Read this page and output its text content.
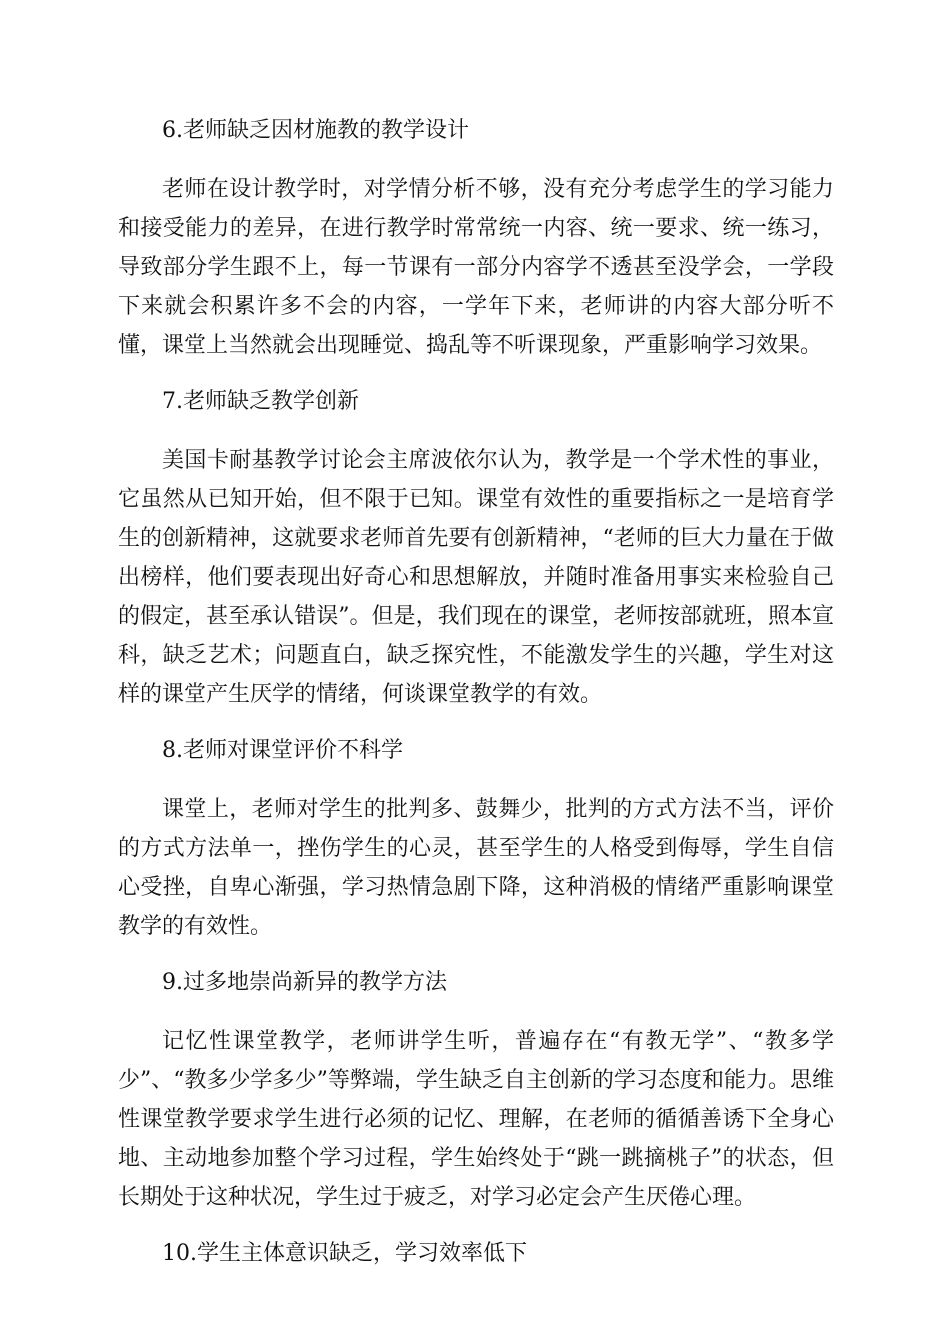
6.老师缺乏因材施教的教学设计
老师在设计教学时，对学情分析不够，没有充分考虑学生的学习能力和接受能力的差异，在进行教学时常常统一内容、统一要求、统一练习，导致部分学生跟不上，每一节课有一部分内容学不透甚至没学会，一学段下来就会积累许多不会的内容，一学年下来，老师讲的内容大部分听不懂，课堂上当然就会出现睡觉、捣乱等不听课现象，严重影响学习效果。
7.老师缺乏教学创新
美国卡耐基教学讨论会主席波依尔认为，教学是一个学术性的事业，它虽然从已知开始，但不限于已知。课堂有效性的重要指标之一是培育学生的创新精神，这就要求老师首先要有创新精神，“老师的巨大力量在于做出榜样，他们要表现出好奇心和思想解放，并随时准备用事实来检验自己的假定，甚至承认错误”。但是，我们现在的课堂，老师按部就班，照本宣科，缺乏艺术；问题直白，缺乏探究性，不能激发学生的兴趣，学生对这样的课堂产生厌学的情绪，何谈课堂教学的有效。
8.老师对课堂评价不科学
课堂上，老师对学生的批判多、鼓舞少，批判的方式方法不当，评价的方式方法单一，挫伤学生的心灵，甚至学生的人格受到侮辱，学生自信心受挫，自卑心渐强，学习热情急剧下降，这种消极的情绪严重影响课堂教学的有效性。
9.过多地崇尚新异的教学方法
记忆性课堂教学，老师讲学生听，普遍存在“有教无学”、“教多学少”、“教多少学多少”等弊端，学生缺乏自主创新的学习态度和能力。思维性课堂教学要求学生进行必须的记忆、理解，在老师的循循善诱下全身心地、主动地参加整个学习过程，学生始终处于“跳一跳摘桃子”的状态，但长期处于这种状况，学生过于疲乏，对学习必定会产生厌倦心理。
10.学生主体意识缺乏，学习效率低下
